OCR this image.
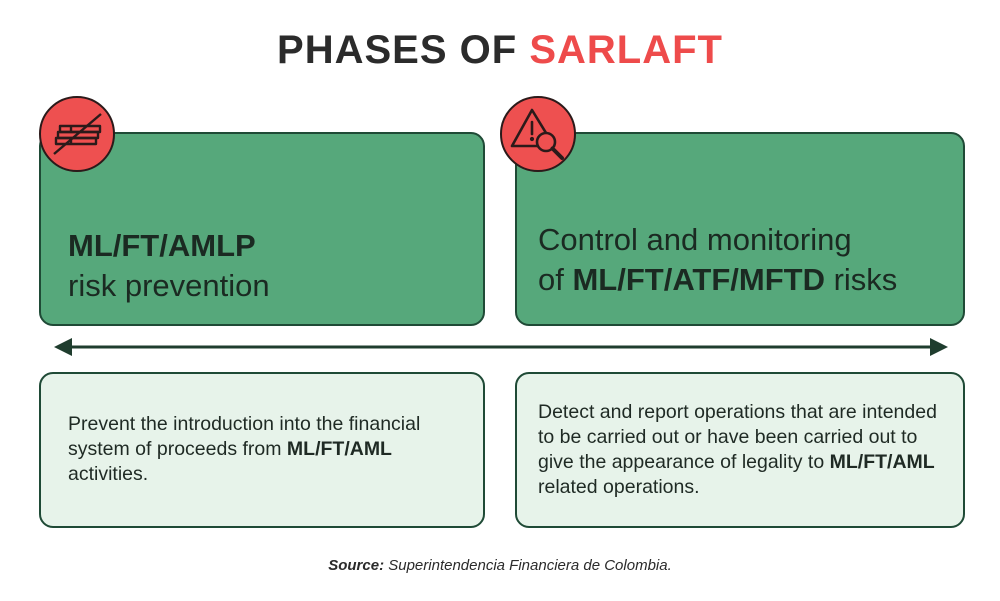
PHASES OF SARLAFT
ML/FT/AMLP
risk prevention
Control and monitoring
of ML/FT/ATF/MFTD risks
Prevent the introduction into the financial system of proceeds from ML/FT/AML activities.
Detect and report operations that are intended to be carried out or have been carried out to give the appearance of legality to ML/FT/AML related operations.
Source: Superintendencia Financiera de Colombia.
